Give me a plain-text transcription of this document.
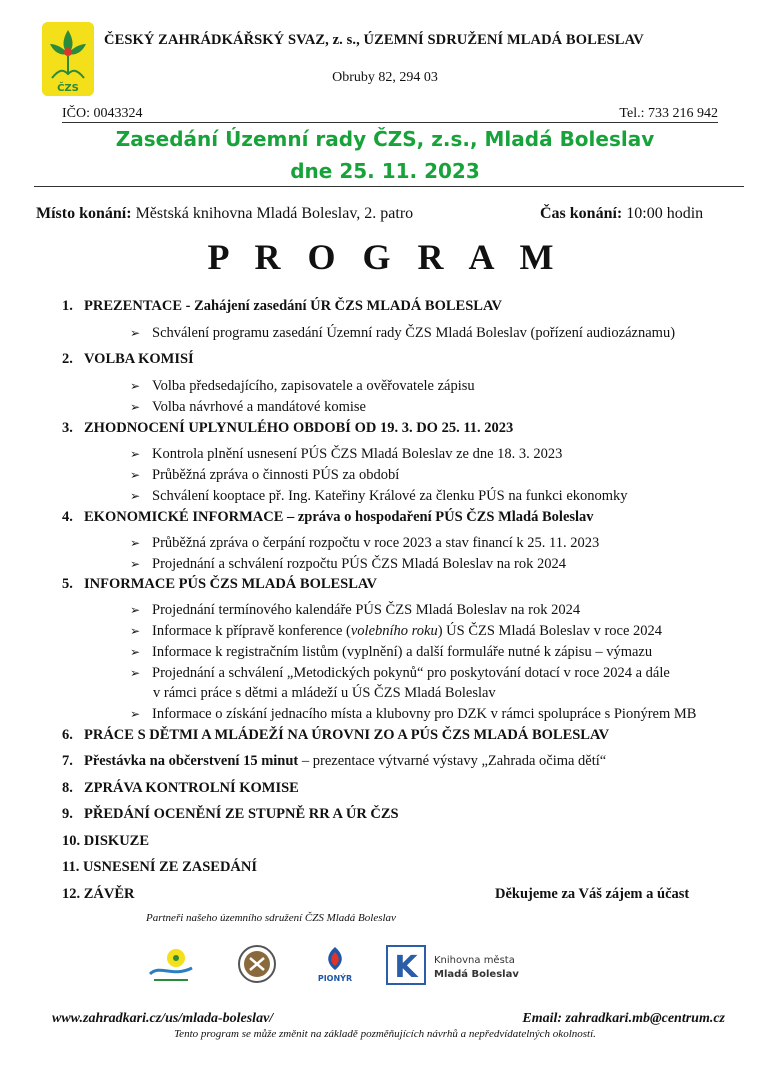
ČZS
ČESKÝ ZAHRÁDKÁŘSKÝ SVAZ, z. s., ÚZEMNÍ SDRUŽENÍ MLADÁ BOLESLAV
Obruby 82, 294 03
IČO: 0043324	Tel.: 733 216 942
Zasedání Územní rady ČZS, z.s., Mladá Boleslav
dne 25. 11. 2023
Místo konání: Městská knihovna Mladá Boleslav, 2. patro	Čas konání: 10:00 hodin
P R O G R A M
1. PREZENTACE - Zahájení zasedání ÚR ČZS MLADÁ BOLESLAV
➢ Schválení programu zasedání Územní rady ČZS Mladá Boleslav (pořízení audiozáznamu)
2. VOLBA KOMISÍ
➢ Volba předsedajícího, zapisovatele a ověřovatele zápisu
➢ Volba návrhové a mandátové komise
3. ZHODNOCENÍ UPLYNULÉHO OBDOBÍ OD 19. 3. DO 25. 11. 2023
➢ Kontrola plnění usnesení PÚS ČZS Mladá Boleslav ze dne 18. 3. 2023
➢ Průběžná zpráva o činnosti PÚS za období
➢ Schválení kooptace př. Ing. Kateřiny Králové za členku PÚS na funkci ekonomky
4. EKONOMICKÉ INFORMACE – zpráva o hospodaření PÚS ČZS Mladá Boleslav
➢ Průběžná zpráva o čerpání rozpočtu v roce 2023 a stav financí k 25. 11. 2023
➢ Projednání a schválení rozpočtu PÚS ČZS Mladá Boleslav na rok 2024
5. INFORMACE PÚS ČZS MLADÁ BOLESLAV
➢ Projednání termínového kalendáře PÚS ČZS Mladá Boleslav na rok 2024
➢ Informace k přípravě konference (volebního roku) ÚS ČZS Mladá Boleslav v roce 2024
➢ Informace k registračním listům (vyplnění) a další formuláře nutné k zápisu – výmazu
➢ Projednání a schválení „Metodických pokynů“ pro poskytování dotací v roce 2024 a dále
v rámci práce s dětmi a mládeží u ÚS ČZS Mladá Boleslav
➢ Informace o získání jednacího místa a klubovny pro DZK v rámci spolupráce s Pionýrem MB
6. PRÁCE S DĚTMI A MLÁDEŽÍ NA ÚROVNI ZO A PÚS ČZS MLADÁ BOLESLAV
7. Přestávka na občerstvení 15 minut – prezentace výtvarné výstavy „Zahrada očima dětí“
8. ZPRÁVA KONTROLNÍ KOMISE
9. PŘEDÁNÍ OCENĚNÍ ZE STUPNĚ RR A ÚR ČZS
10. DISKUZE
11. USNESENÍ ZE ZASEDÁNÍ
12. ZÁVĚR	Děkujeme za Váš zájem a účast
Partneři našeho územního sdružení ČZS Mladá Boleslav
PIONÝR K Knihovna města
Mladá Boleslav
www.zahradkari.cz/us/mlada-boleslav/	Email: zahradkari.mb@centrum.cz
Tento program se může změnit na základě pozměňujících návrhů a nepředvídatelných okolností.
